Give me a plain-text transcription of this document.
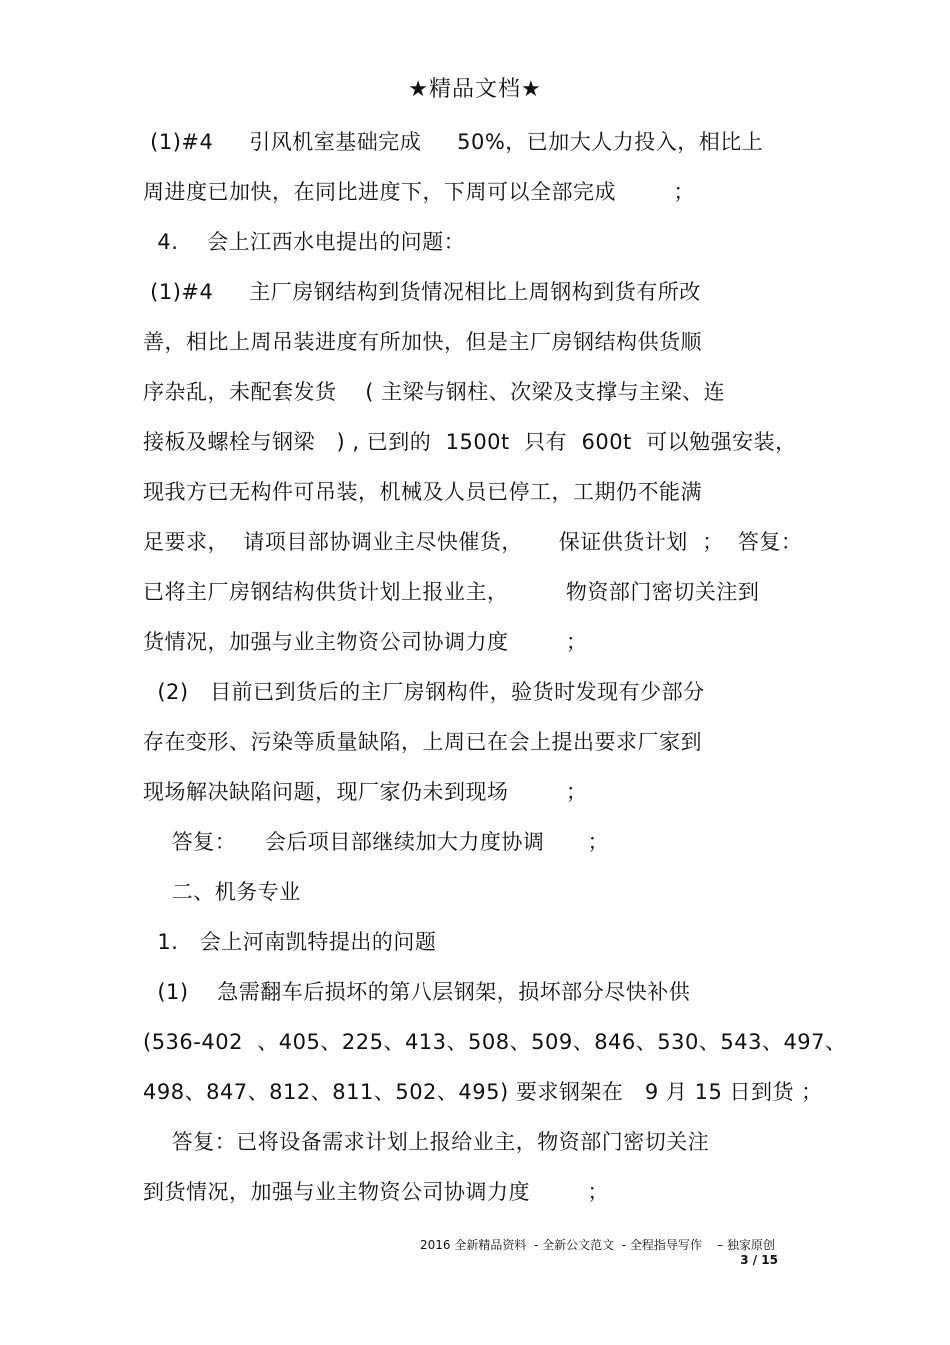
★精品文档★
(1)#4     引风机室基础完成     50%，已加大人力投入，相比上
周进度已加快，在同比进度下，下周可以全部完成        ；
4.    会上江西水电提出的问题：
(1)#4     主厂房钢结构到货情况相比上周钢构到货有所改
善，相比上周吊装进度有所加快，但是主厂房钢结构供货顺
序杂乱，未配套发货    ( 主梁与钢柱、次梁及支撑与主梁、连
接板及螺栓与钢梁   ) , 已到的  1500t  只有  600t  可以勉强安装，
现我方已无构件可吊装，机械及人员已停工，工期仍不能满
足要求，  请项目部协调业主尽快催货，     保证供货计划  ；  答复：
已将主厂房钢结构供货计划上报业主，        物资部门密切关注到
货情况，加强与业主物资公司协调力度        ；
(2)   目前已到货后的主厂房钢构件，验货时发现有少部分
存在变形、污染等质量缺陷，上周已在会上提出要求厂家到
现场解决缺陷问题，现厂家仍未到现场        ；
答复：    会后项目部继续加大力度协调      ；
二、机务专业
1.   会上河南凯特提出的问题
(1)    急需翻车后损坏的第八层钢架，损坏部分尽快补供
(536-402  、405、225、413、508、509、846、530、543、497、
498、847、812、811、502、495) 要求钢架在   9 月 15 日到货 ；
答复：已将设备需求计划上报给业主，物资部门密切关注
到货情况，加强与业主物资公司协调力度        ；
2016 全新精品资料  - 全新公文范文  - 全程指导写作    – 独家原创
3 / 15
